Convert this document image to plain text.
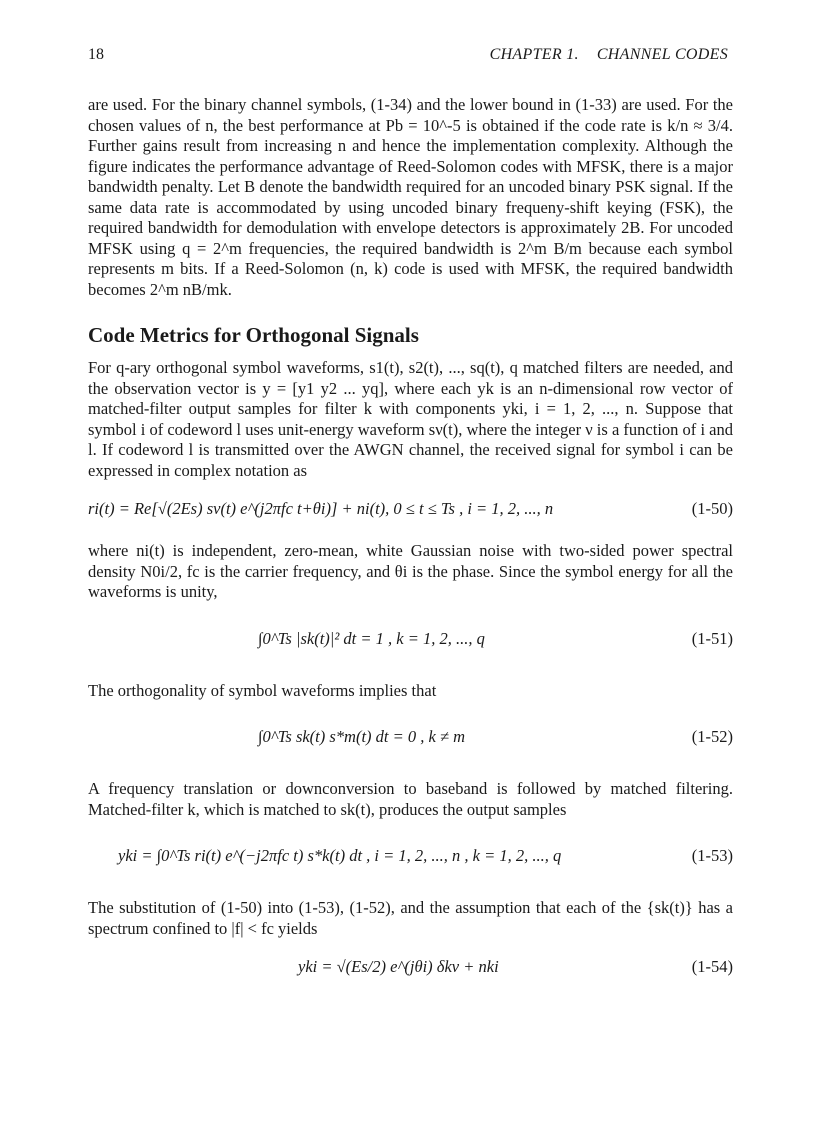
18	CHAPTER 1. CHANNEL CODES

are used. For the binary channel symbols, (1-34) and the lower bound in (1-33) are used. For the chosen values of n, the best performance at Pb = 10^-5 is obtained if the code rate is k/n ≈ 3/4. Further gains result from increasing n and hence the implementation complexity. Although the figure indicates the performance advantage of Reed-Solomon codes with MFSK, there is a major bandwidth penalty. Let B denote the bandwidth required for an uncoded binary PSK signal. If the same data rate is accommodated by using uncoded binary frequeny-shift keying (FSK), the required bandwidth for demodulation with envelope detectors is approximately 2B. For uncoded MFSK using q = 2^m frequencies, the required bandwidth is 2^m B/m because each symbol represents m bits. If a Reed-Solomon (n, k) code is used with MFSK, the required bandwidth becomes 2^m nB/mk.

Code Metrics for Orthogonal Signals

For q-ary orthogonal symbol waveforms, s1(t), s2(t), ..., sq(t), q matched filters are needed, and the observation vector is y = [y1 y2 ... yq], where each yk is an n-dimensional row vector of matched-filter output samples for filter k with components yki, i = 1, 2, ..., n. Suppose that symbol i of codeword l uses unit-energy waveform sν(t), where the integer ν is a function of i and l. If codeword l is transmitted over the AWGN channel, the received signal for symbol i can be expressed in complex notation as

ri(t) = Re[√(2Es) sν(t) e^(j2πfc t+θi)] + ni(t), 0 ≤ t ≤ Ts , i = 1, 2, ..., n	(1-50)

where ni(t) is independent, zero-mean, white Gaussian noise with two-sided power spectral density N0i/2, fc is the carrier frequency, and θi is the phase. Since the symbol energy for all the waveforms is unity,

∫0^Ts |sk(t)|² dt = 1 , k = 1, 2, ..., q	(1-51)

The orthogonality of symbol waveforms implies that

∫0^Ts sk(t) s*m(t) dt = 0 , k ≠ m	(1-52)

A frequency translation or downconversion to baseband is followed by matched filtering. Matched-filter k, which is matched to sk(t), produces the output samples

yki = ∫0^Ts ri(t) e^(−j2πfc t) s*k(t) dt , i = 1, 2, ..., n , k = 1, 2, ..., q	(1-53)

The substitution of (1-50) into (1-53), (1-52), and the assumption that each of the {sk(t)} has a spectrum confined to |f| < fc yields

yki = √(Es/2) e^(jθi) δkν + nki	(1-54)
